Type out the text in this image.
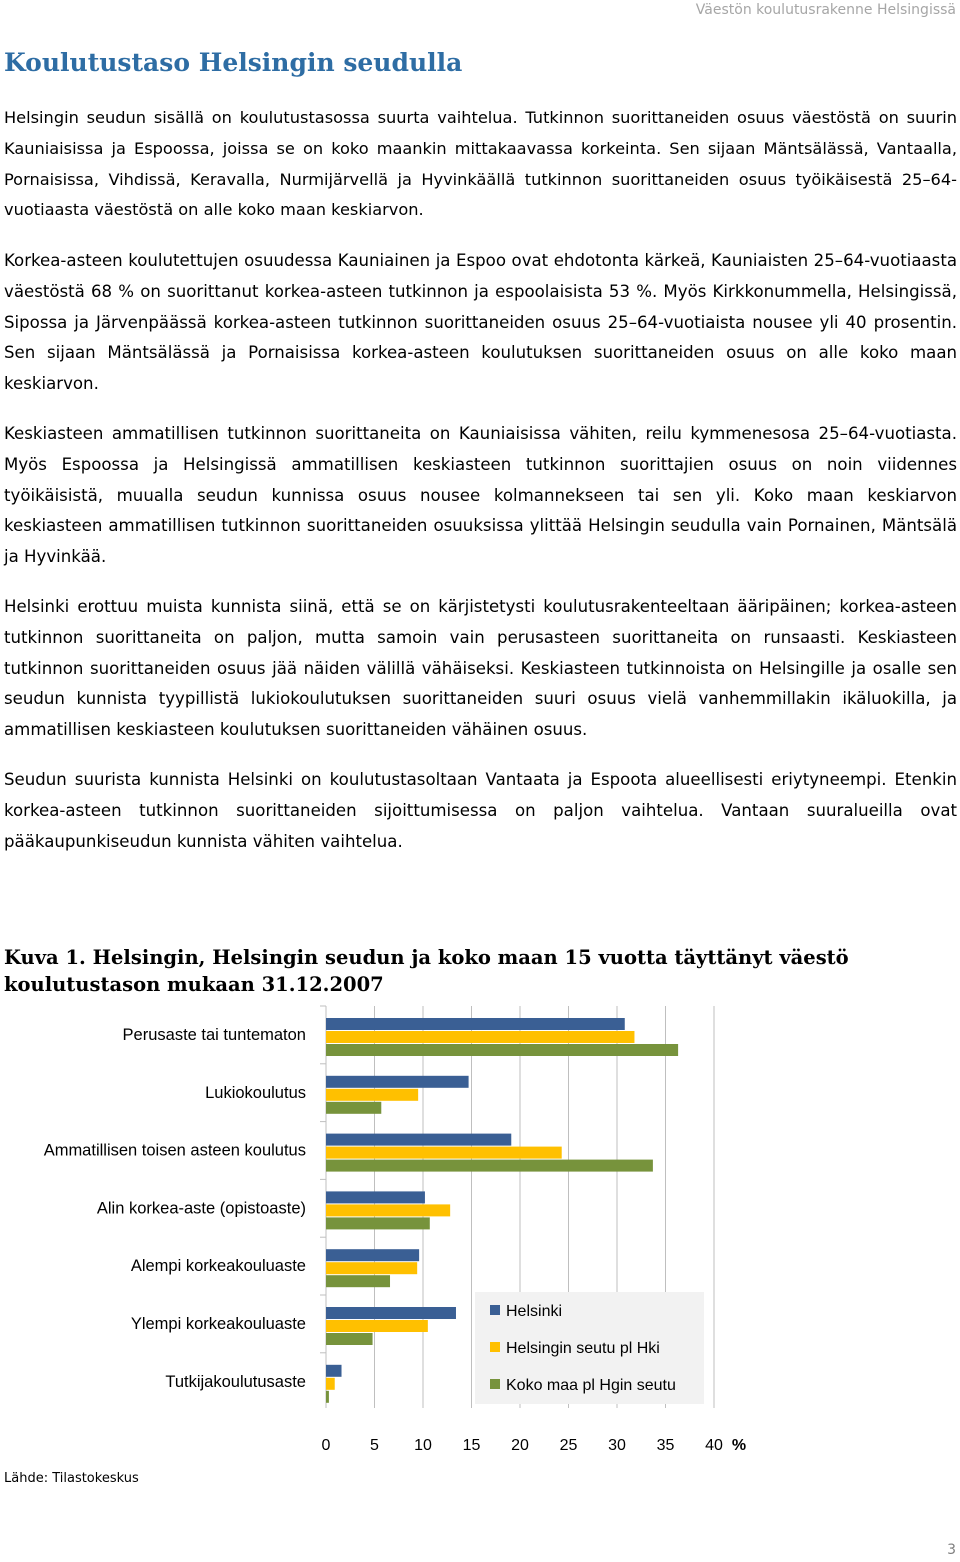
Väestön koulutusrakenne Helsingissä
Koulutustaso Helsingin seudulla

Helsingin seudun sisällä on koulutustasossa suurta vaihtelua. Tutkinnon suorittaneiden osuus väestöstä on suurin Kauniaisissa ja Espoossa, joissa se on koko maankin mittakaavassa korkeinta. Sen sijaan Mäntsälässä, Vantaalla, Pornaisissa, Vihdissä, Keravalla, Nurmijärvellä ja Hyvinkäällä tutkinnon suorittaneiden osuus työikäisestä 25–64-vuotiaasta väestöstä on alle koko maan keskiarvon.

Korkea-asteen koulutettujen osuudessa Kauniainen ja Espoo ovat ehdotonta kärkeä, Kauniaisten 25–64-vuotiaasta väestöstä 68 % on suorittanut korkea-asteen tutkinnon ja espoolaisista 53 %. Myös Kirkkonummella, Helsingissä, Sipossa ja Järvenpäässä korkea-asteen tutkinnon suorittaneiden osuus 25–64-vuotiaista nousee yli 40 prosentin. Sen sijaan Mäntsälässä ja Pornaisissa korkea-asteen koulutuksen suorittaneiden osuus on alle koko maan keskiarvon.

Keskiasteen ammatillisen tutkinnon suorittaneita on Kauniaisissa vähiten, reilu kymmenesosa 25–64-vuotiasta. Myös Espoossa ja Helsingissä ammatillisen keskiasteen tutkinnon suorittajien osuus on noin viidennes työikäisistä, muualla seudun kunnissa osuus nousee kolmannekseen tai sen yli. Koko maan keskiarvon keskiasteen ammatillisen tutkinnon suorittaneiden osuuksissa ylittää Helsingin seudulla vain Pornainen, Mäntsälä ja Hyvinkää.

Helsinki erottuu muista kunnista siinä, että se on kärjistetysti koulutusrakenteeltaan ääripäinen; korkea-asteen tutkinnon suorittaneita on paljon, mutta samoin vain perusasteen suorittaneita on runsaasti. Keskiasteen tutkinnon suorittaneiden osuus jää näiden välillä vähäiseksi. Keskiasteen tutkinnoista on Helsingille ja osalle sen seudun kunnista tyypillistä lukiokoulutuksen suorittaneiden suuri osuus vielä vanhemmillakin ikäluokilla, ja ammatillisen keskiasteen koulutuksen suorittaneiden vähäinen osuus.

Seudun suurista kunnista Helsinki on koulutustasoltaan Vantaata ja Espoota alueellisesti eriytyneempi. Etenkin korkea-asteen tutkinnon suorittaneiden sijoittumisessa on paljon vaihtelua. Vantaan suuralueilla ovat pääkaupunkiseudun kunnista vähiten vaihtelua.

Kuva 1. Helsingin, Helsingin seudun ja koko maan 15 vuotta täyttänyt väestö koulutustason mukaan 31.12.2007

Perusaste tai tuntematon
Lukiokoulutus
Ammatillisen toisen asteen koulutus
Alin korkea-aste (opistoaste)
Alempi korkeakouluaste
Ylempi korkeakouluaste
Tutkijakoulutusaste
0 5 10 15 20 25 30 35 40 %
Helsinki
Helsingin seutu pl Hki
Koko maa pl Hgin seutu
Lähde: Tilastokeskus
3
